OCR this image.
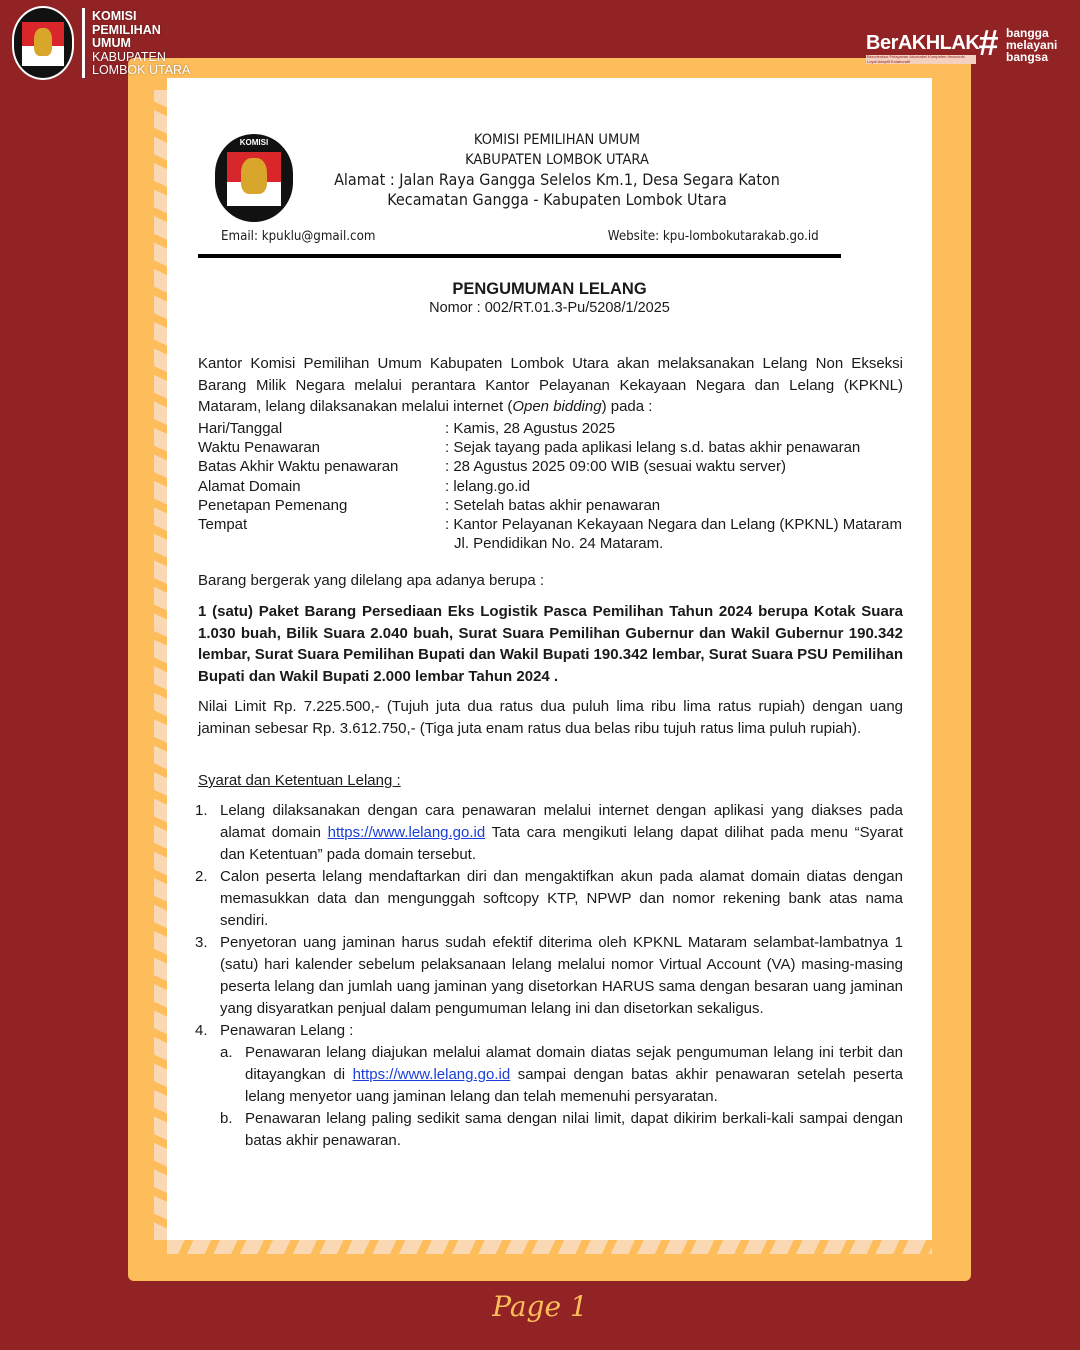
KOMISI
PEMILIHAN
UMUM
KABUPATEN
LOMBOK UTARA
BerAKHLAK
Berorientasi Pelayanan Akuntabel Kompeten Harmonis Loyal Adaptif Kolaboratif	# bangga
melayani
bangsa
KOMISI	KOMISI PEMILIHAN UMUM
KABUPATEN LOMBOK UTARA
Alamat : Jalan Raya Gangga Selelos Km.1, Desa Segara Katon
Kecamatan Gangga - Kabupaten Lombok Utara
Email: kpuklu@gmail.com	Website: kpu-lombokutarakab.go.id
PENGUMUMAN LELANG
Nomor : 002/RT.01.3-Pu/5208/1/2025
Kantor Komisi Pemilihan Umum Kabupaten Lombok Utara akan melaksanakan Lelang Non Ekseksi Barang Milik Negara melalui perantara Kantor Pelayanan Kekayaan Negara dan Lelang (KPKNL) Mataram, lelang dilaksanakan melalui internet (Open bidding) pada :
Hari/Tanggal	: Kamis, 28 Agustus 2025
Waktu Penawaran	: Sejak tayang pada aplikasi lelang s.d. batas akhir penawaran
Batas Akhir Waktu penawaran	: 28 Agustus 2025 09:00 WIB (sesuai waktu server)
Alamat Domain	: lelang.go.id
Penetapan Pemenang	: Setelah batas akhir penawaran
Tempat	: Kantor Pelayanan Kekayaan Negara dan Lelang (KPKNL) Mataram Jl. Pendidikan No. 24 Mataram.
Barang bergerak yang dilelang apa adanya berupa :
1 (satu) Paket Barang Persediaan Eks Logistik Pasca Pemilihan Tahun 2024 berupa Kotak Suara 1.030 buah, Bilik Suara 2.040 buah, Surat Suara Pemilihan Gubernur dan Wakil Gubernur 190.342 lembar, Surat Suara Pemilihan Bupati dan Wakil Bupati 190.342 lembar, Surat Suara PSU Pemilihan Bupati dan Wakil Bupati 2.000 lembar Tahun 2024 .
Nilai Limit Rp. 7.225.500,- (Tujuh juta dua ratus dua puluh lima ribu lima ratus rupiah) dengan uang jaminan sebesar Rp. 3.612.750,- (Tiga juta enam ratus dua belas ribu tujuh ratus lima puluh rupiah).
Syarat dan Ketentuan Lelang :
1. Lelang dilaksanakan dengan cara penawaran melalui internet dengan aplikasi yang diakses pada alamat domain https://www.lelang.go.id Tata cara mengikuti lelang dapat dilihat pada menu “Syarat dan Ketentuan” pada domain tersebut.
2. Calon peserta lelang mendaftarkan diri dan mengaktifkan akun pada alamat domain diatas dengan memasukkan data dan mengunggah softcopy KTP, NPWP dan nomor rekening bank atas nama sendiri.
3. Penyetoran uang jaminan harus sudah efektif diterima oleh KPKNL Mataram selambat-lambatnya 1 (satu) hari kalender sebelum pelaksanaan lelang melalui nomor Virtual Account (VA) masing-masing peserta lelang dan jumlah uang jaminan yang disetorkan HARUS sama dengan besaran uang jaminan yang disyaratkan penjual dalam pengumuman lelang ini dan disetorkan sekaligus.
4. Penawaran Lelang :
a. Penawaran lelang diajukan melalui alamat domain diatas sejak pengumuman lelang ini terbit dan ditayangkan di https://www.lelang.go.id sampai dengan batas akhir penawaran setelah peserta lelang menyetor uang jaminan lelang dan telah memenuhi persyaratan.
b. Penawaran lelang paling sedikit sama dengan nilai limit, dapat dikirim berkali-kali sampai dengan batas akhir penawaran.
Page 1
